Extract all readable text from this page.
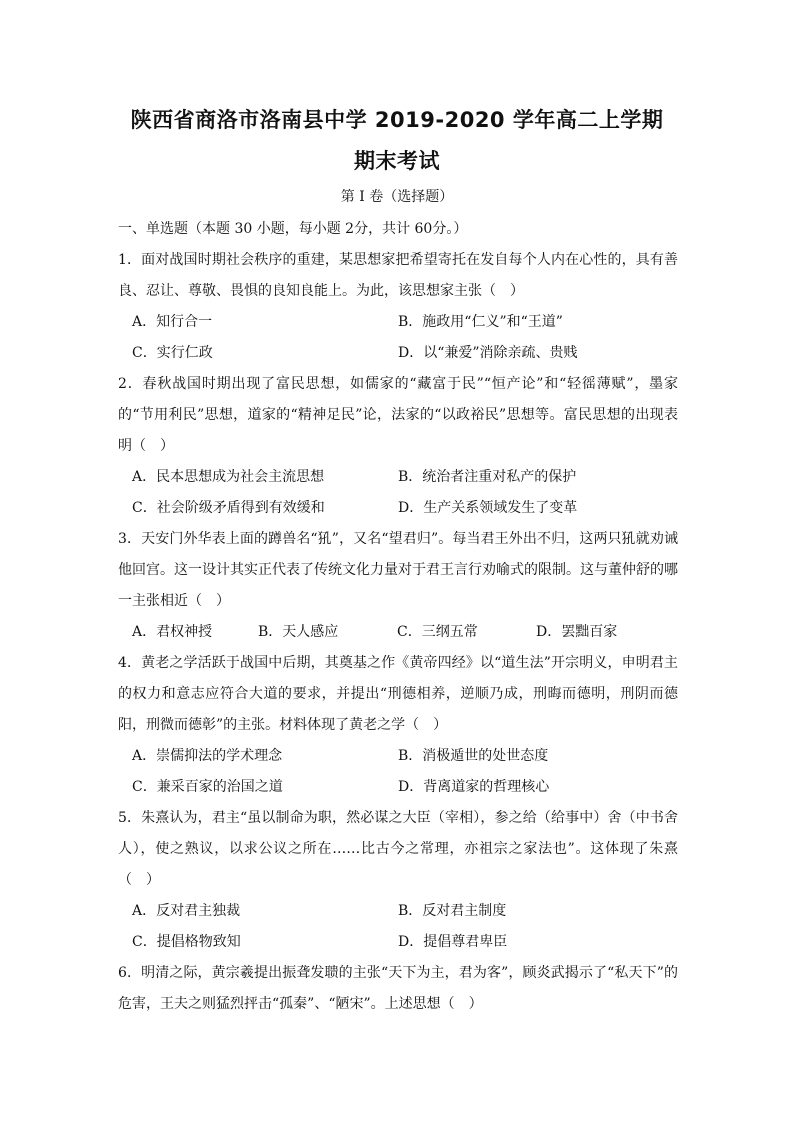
陕西省商洛市洛南县中学 2019-2020 学年高二上学期
期末考试
第 I 卷（选择题）

一、单选题（本题 30 小题，每小题 2分，共计 60分。）

1．面对战国时期社会秩序的重建，某思想家把希望寄托在发自每个人内在心性的，具有善良、忍让、尊敬、畏惧的良知良能上。为此，该思想家主张（　）

A．知行合一	B．施政用“仁义”和“王道”
C．实行仁政	D．以“兼爱”消除亲疏、贵贱

2．春秋战国时期出现了富民思想，如儒家的“藏富于民”“恒产论”和“轻徭薄赋”，墨家的“节用利民”思想，道家的“精神足民”论，法家的“以政裕民”思想等。富民思想的出现表明（　）

A．民本思想成为社会主流思想	B．统治者注重对私产的保护
C．社会阶级矛盾得到有效缓和	D．生产关系领域发生了变革

3．天安门外华表上面的蹲兽名“犼”，又名“望君归”。每当君王外出不归，这两只犼就劝诫他回宫。这一设计其实正代表了传统文化力量对于君王言行劝喻式的限制。这与董仲舒的哪一主张相近（　）

A．君权神授	B．天人感应	C．三纲五常	D．罢黜百家

4．黄老之学活跃于战国中后期，其奠基之作《黄帝四经》以“道生法”开宗明义，申明君主的权力和意志应符合大道的要求，并提出“刑德相养，逆顺乃成，刑晦而德明，刑阴而德阳，刑微而德彰”的主张。材料体现了黄老之学（　）

A．崇儒抑法的学术理念	B．消极遁世的处世态度
C．兼采百家的治国之道	D．背离道家的哲理核心

5．朱熹认为，君主“虽以制命为职，然必谋之大臣（宰相），参之给（给事中）舍（中书舍人），使之熟议，以求公议之所在……比古今之常理，亦祖宗之家法也”。这体现了朱熹（　）

A．反对君主独裁	B．反对君主制度
C．提倡格物致知	D．提倡尊君卑臣

6．明清之际，黄宗羲提出振聋发聩的主张“天下为主，君为客”，顾炎武揭示了“私天下”的危害，王夫之则猛烈抨击“孤秦”、“陋宋”。上述思想（　）
